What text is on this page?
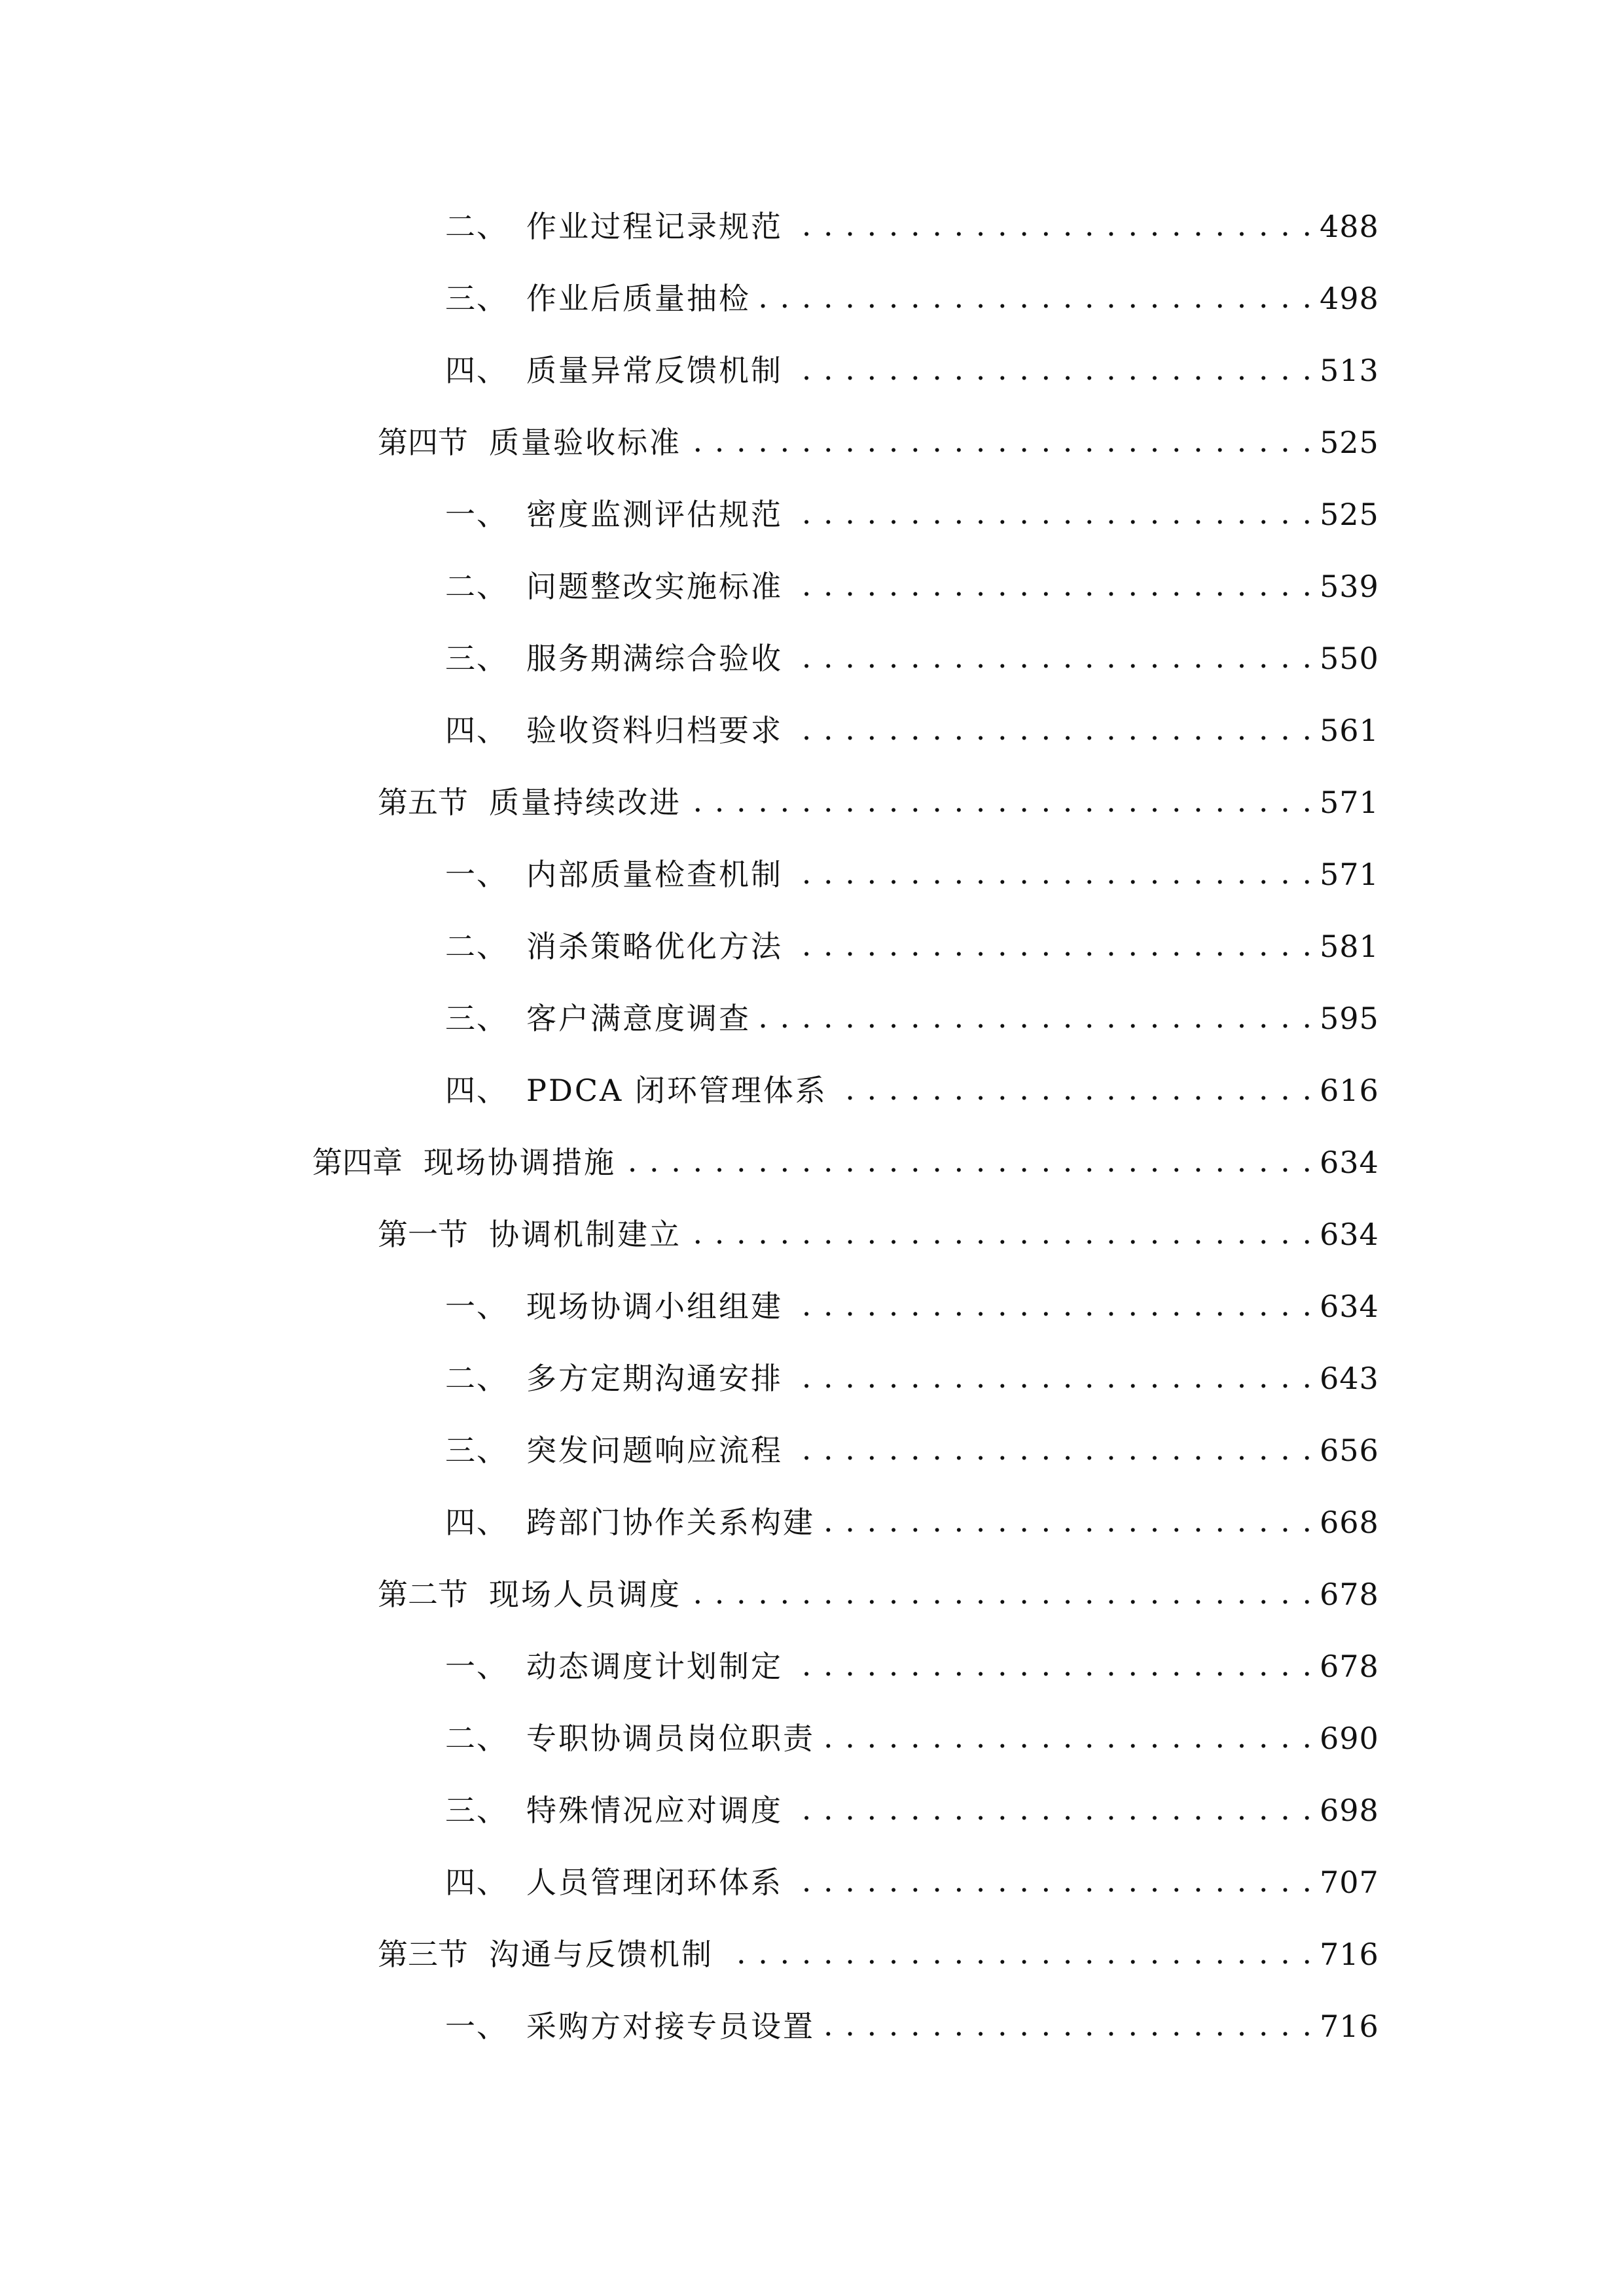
二、 作业过程记录规范 . . .	488
三、 作业后质量抽检 . . .	498
四、 质量异常反馈机制 . . .	513
第四节 质量验收标准 . . .	525
一、 密度监测评估规范 . . .	525
二、 问题整改实施标准 . . .	539
三、 服务期满综合验收 . . .	550
四、 验收资料归档要求 . . .	561
第五节 质量持续改进 . . .	571
一、 内部质量检查机制 . . .	571
二、 消杀策略优化方法 . . .	581
三、 客户满意度调查 . . .	595
四、 PDCA 闭环管理体系 . . .	616
第四章 现场协调措施 . . .	634
第一节 协调机制建立 . . .	634
一、 现场协调小组组建 . . .	634
二、 多方定期沟通安排 . . .	643
三、 突发问题响应流程 . . .	656
四、 跨部门协作关系构建 . . .	668
第二节 现场人员调度 . . .	678
一、 动态调度计划制定 . . .	678
二、 专职协调员岗位职责 . . .	690
三、 特殊情况应对调度 . . .	698
四、 人员管理闭环体系 . . .	707
第三节 沟通与反馈机制 . . .	716
一、 采购方对接专员设置 . . .	716
